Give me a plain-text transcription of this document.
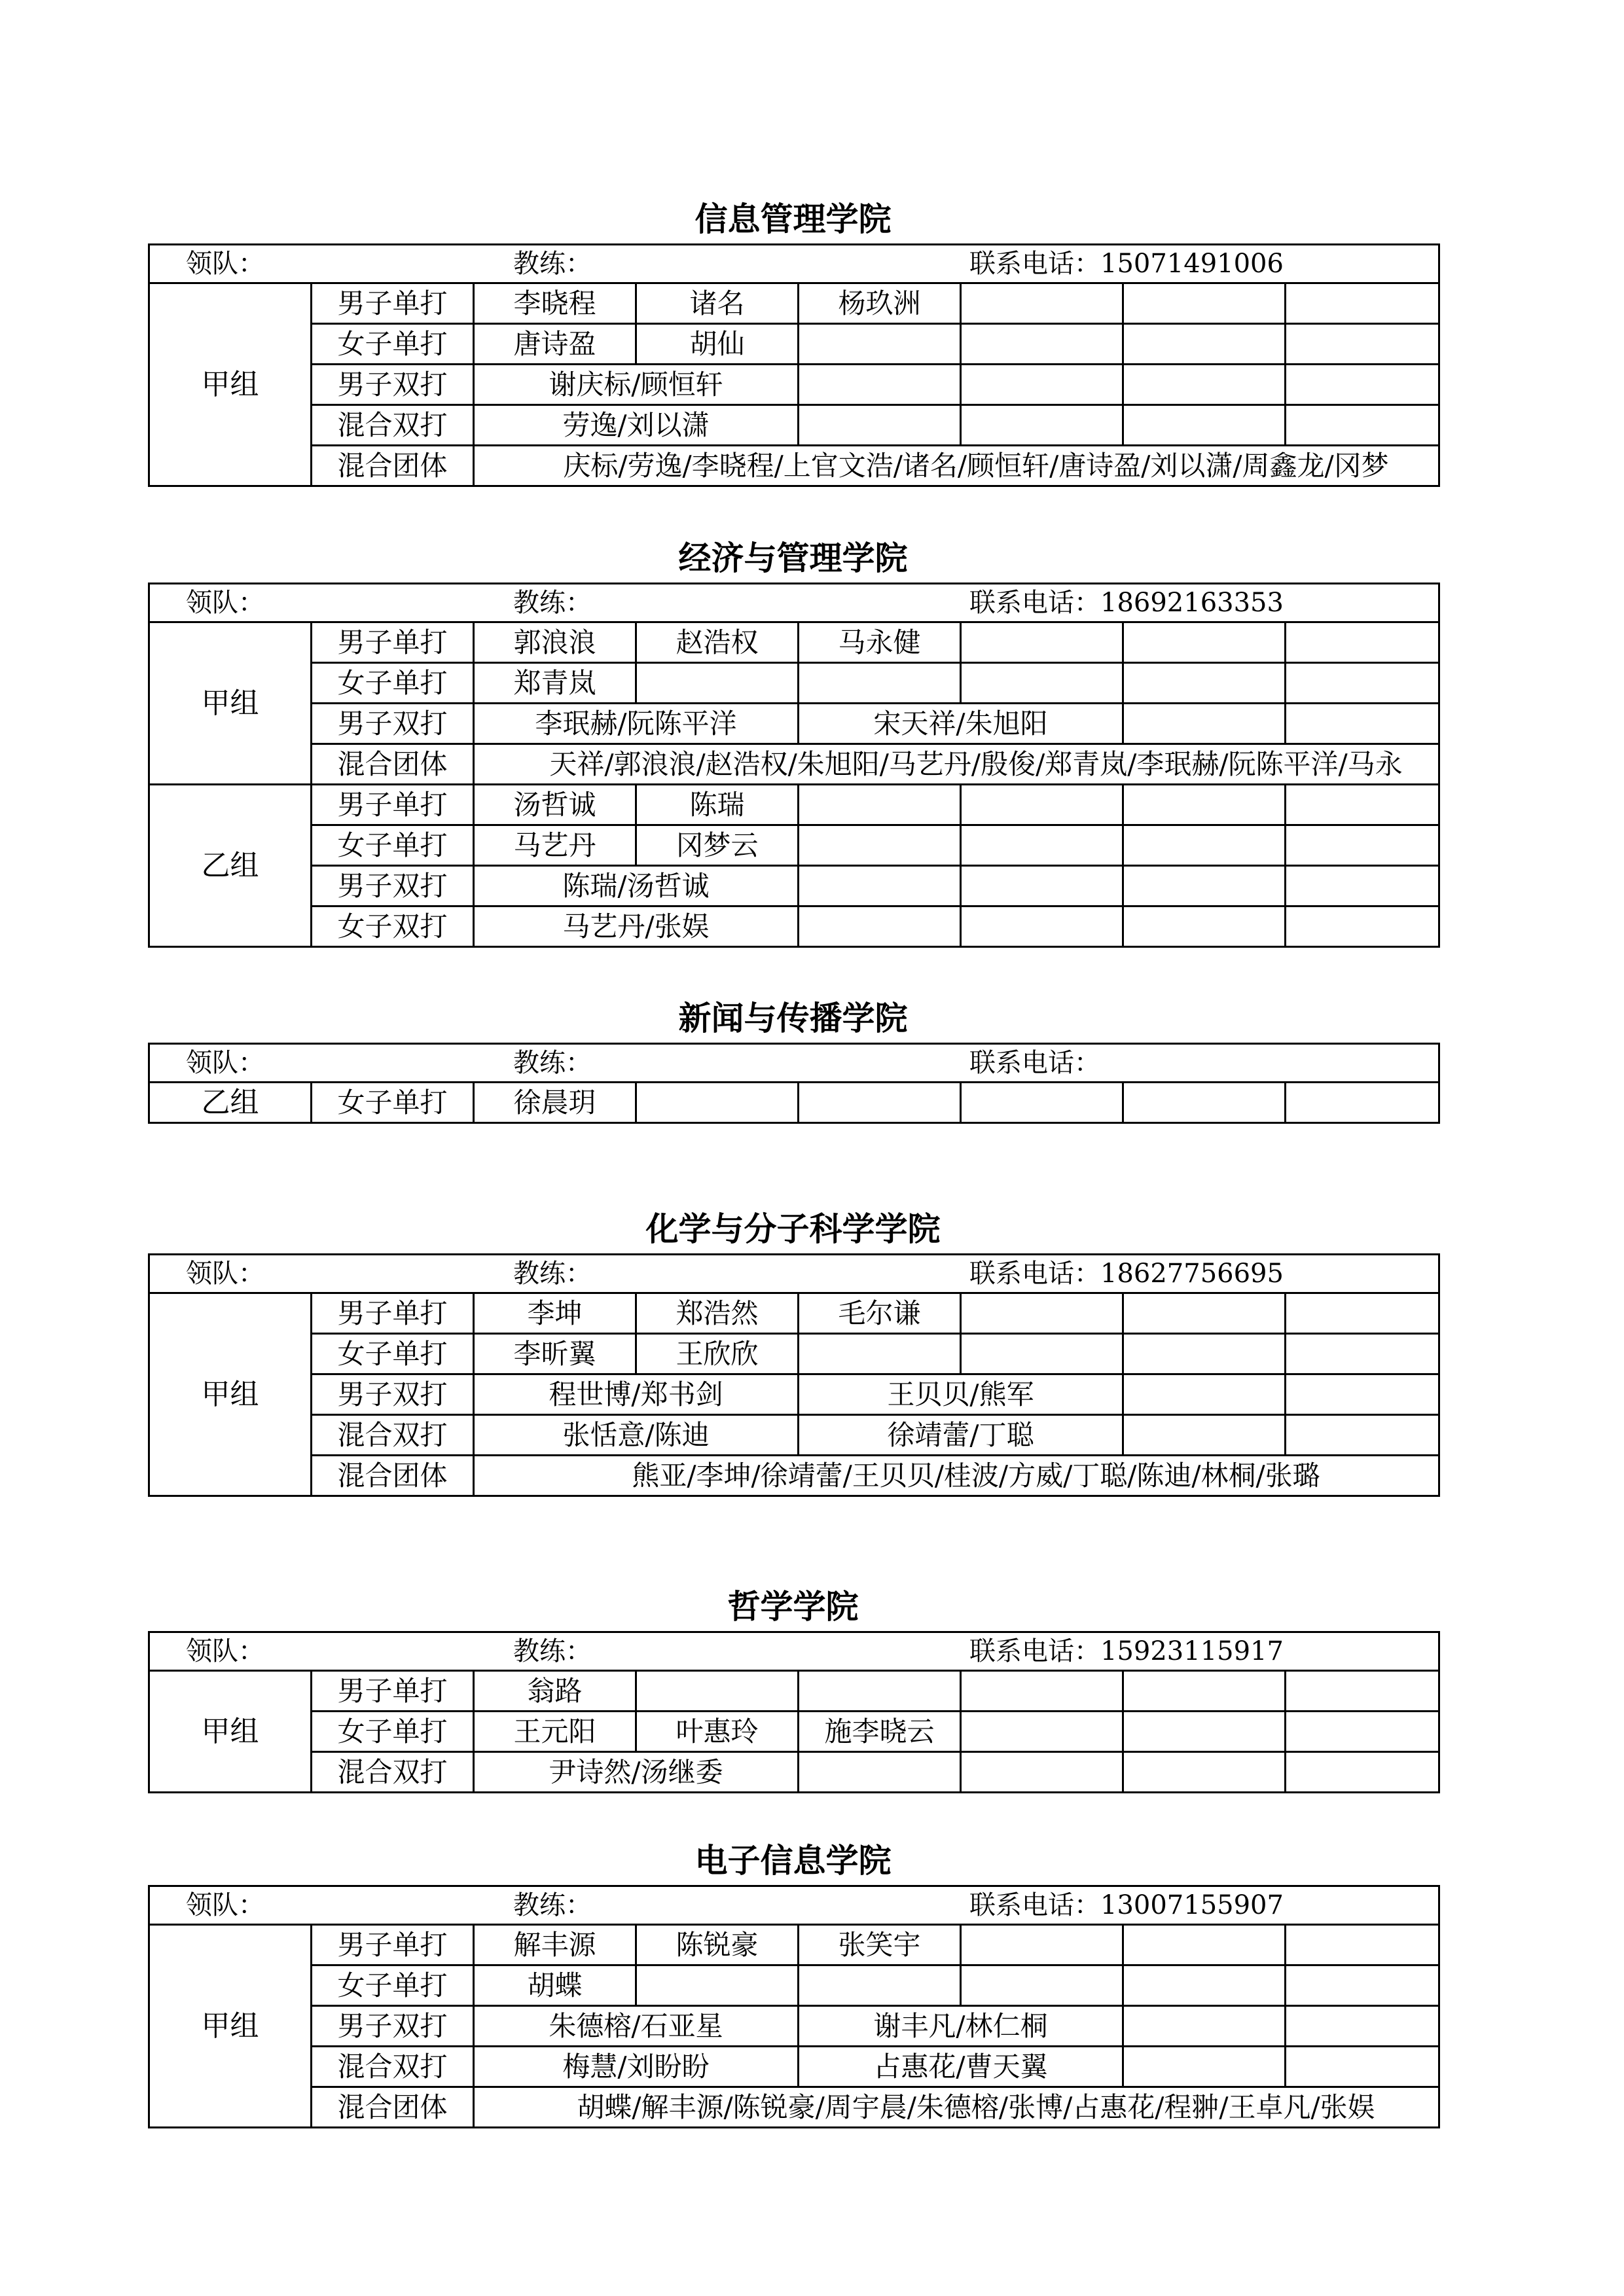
信息管理学院
领队： 教练： 联系电话：15071491006							

甲组	男子单打	李晓程	诸名	杨玖洲			
	女子单打	唐诗盈	胡仙				
	男子双打	谢庆标/顾恒轩					
	混合双打	劳逸/刘以潇					
	混合团体	庆标/劳逸/李晓程/上官文浩/诸名/顾恒轩/唐诗盈/刘以潇/周鑫龙/冈梦					
经济与管理学院
领队： 教练： 联系电话：18692163353							

甲组	男子单打	郭浪浪	赵浩权	马永健			
	女子单打	郑青岚					
	男子双打	李珉赫/阮陈平洋		宋天祥/朱旭阳			
	混合团体	天祥/郭浪浪/赵浩权/朱旭阳/马艺丹/殷俊/郑青岚/李珉赫/阮陈平洋/马永					
乙组	男子单打	汤哲诚	陈瑞				
	女子单打	马艺丹	冈梦云				
	男子双打	陈瑞/汤哲诚					
	女子双打	马艺丹/张娱					
新闻与传播学院
领队：	教练：	联系电话：

乙组	女子单打	徐晨玥					
化学与分子科学学院
领队： 教练： 联系电话：18627756695							

甲组	男子单打	李坤	郑浩然	毛尔谦			
	女子单打	李昕翼	王欣欣				
	男子双打	程世博/郑书剑		王贝贝/熊军			
	混合双打	张恬意/陈迪		徐靖蕾/丁聪			
	混合团体	熊亚/李坤/徐靖蕾/王贝贝/桂波/方威/丁聪/陈迪/林桐/张璐					
哲学学院
领队： 教练： 联系电话：15923115917							

甲组	男子单打	翁路					
	女子单打	王元阳	叶惠玲	施李晓云			
	混合双打	尹诗然/汤继委					
电子信息学院
领队： 教练： 联系电话：13007155907							

甲组	男子单打	解丰源	陈锐豪	张笑宇			
	女子单打	胡蝶					
	男子双打	朱德榕/石亚星		谢丰凡/林仁桐			
	混合双打	梅慧/刘盼盼		占惠花/曹天翼			
	混合团体	胡蝶/解丰源/陈锐豪/周宇晨/朱德榕/张博/占惠花/程翀/王卓凡/张娱					
